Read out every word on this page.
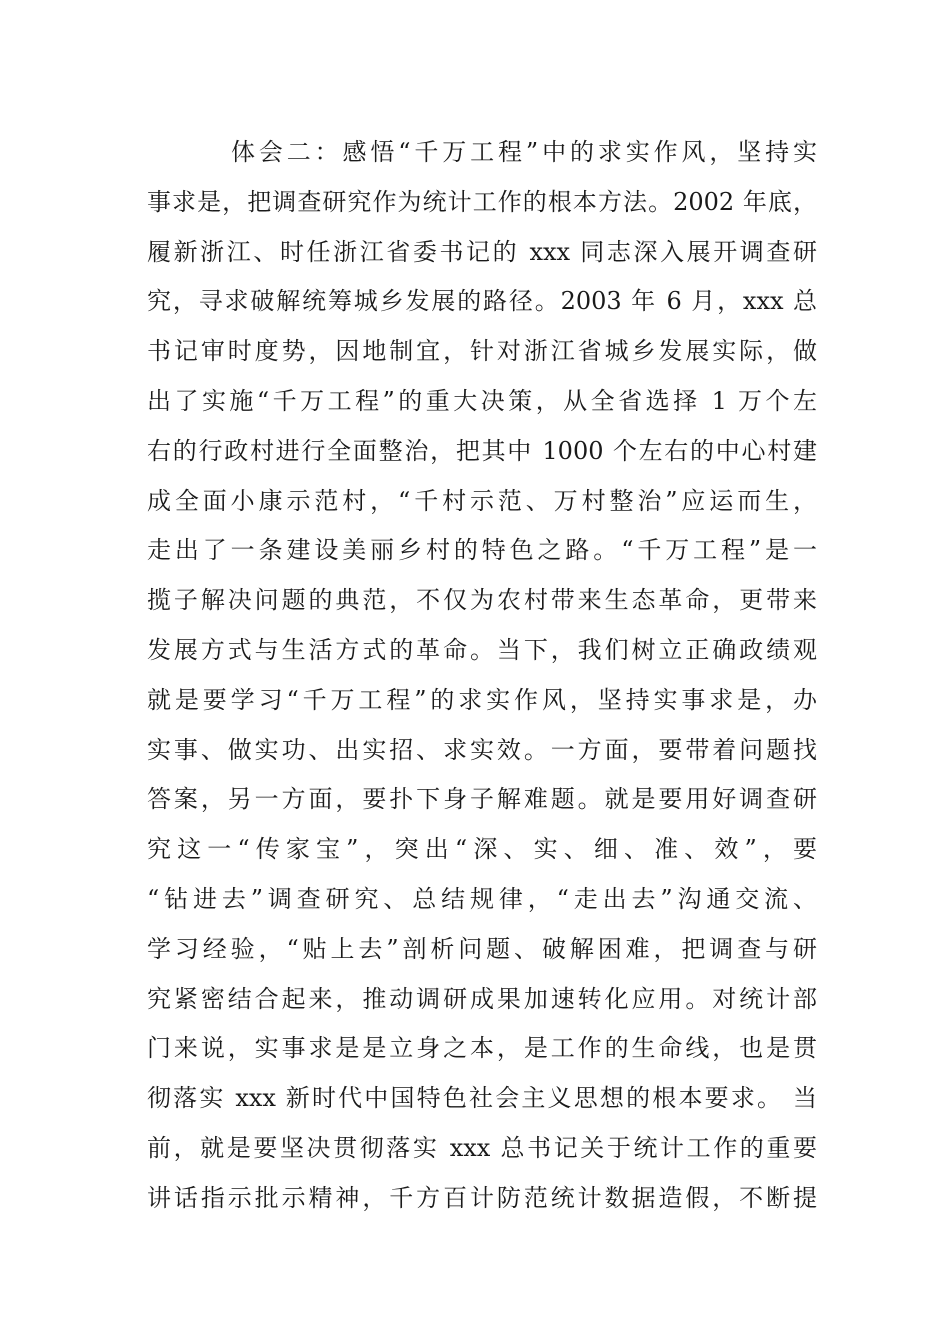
体会二：感悟“千万工程”中的求实作风，坚持实
事求是，把调查研究作为统计工作的根本方法。2002 年底，
履新浙江、时任浙江省委书记的 xxx 同志深入展开调查研
究，寻求破解统筹城乡发展的路径。2003 年 6 月，xxx 总
书记审时度势，因地制宜，针对浙江省城乡发展实际，做
出了实施“千万工程”的重大决策，从全省选择 1 万个左
右的行政村进行全面整治，把其中 1000 个左右的中心村建
成全面小康示范村，“千村示范、万村整治”应运而生，
走出了一条建设美丽乡村的特色之路。“千万工程”是一
揽子解决问题的典范，不仅为农村带来生态革命，更带来
发展方式与生活方式的革命。当下，我们树立正确政绩观
就是要学习“千万工程”的求实作风，坚持实事求是，办
实事、做实功、出实招、求实效。一方面，要带着问题找
答案，另一方面，要扑下身子解难题。就是要用好调查研
究这一“传家宝”，突出“深、实、细、准、效”，要
“钻进去”调查研究、总结规律，“走出去”沟通交流、
学习经验，“贴上去”剖析问题、破解困难，把调查与研
究紧密结合起来，推动调研成果加速转化应用。对统计部
门来说，实事求是是立身之本，是工作的生命线，也是贯
彻落实 xxx 新时代中国特色社会主义思想的根本要求。 当
前，就是要坚决贯彻落实 xxx 总书记关于统计工作的重要
讲话指示批示精神，千方百计防范统计数据造假，不断提
